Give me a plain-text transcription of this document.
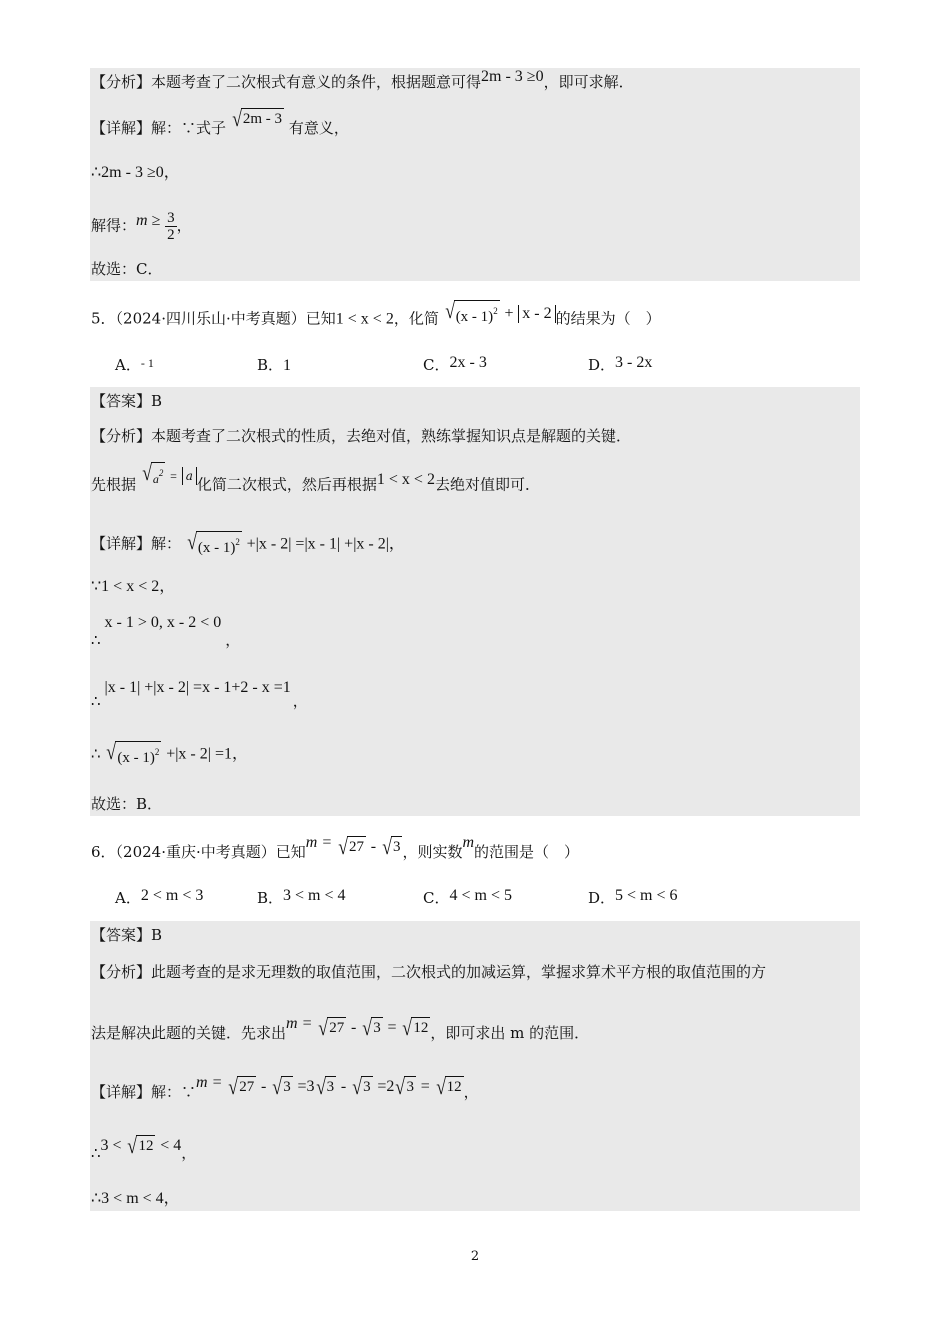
【分析】本题考查了二次根式有意义的条件，根据题意可得2m - 3 ≥0，即可求解．
【详解】解：∵式子 √ 2m - 3 有意义，
∴2m - 3 ≥0，
解得：$m \ge \frac{3}{2}$ ，
故选：C．
5．（2024·四川乐山·中考真题）已知1 < x < 2，化简 √ (x - 1)$^2$ + x - 2 的结果为（　）
A．$^{- 1}$	B．1	C．2x - 3	D．3 - 2x
【答案】B
【分析】本题考查了二次根式的性质，去绝对值，熟练掌握知识点是解题的关键．
先根据 √ $a^2$ = a 化简二次根式，然后再根据1 < x < 2去绝对值即可．
【详解】解： √ (x - 1)$^2$ +|x - 2| =|x - 1| +|x - 2|，
∵1 < x < 2，
∴x - 1 > 0, x - 2 < 0，
∴|x - 1| +|x - 2| =x - 1+2 - x =1，
∴ √ (x - 1)$^2$ +|x - 2| =1，
故选：B．
6．（2024·重庆·中考真题）已知m = √ 27 - √ 3 ，则实数m的范围是（　）
A．2 < m < 3	B．3 < m < 4	C．4 < m < 5	D．5 < m < 6
【答案】B
【分析】此题考查的是求无理数的取值范围，二次根式的加减运算，掌握求算术平方根的取值范围的方
法是解决此题的关键．先求出m = √ 27 - √ 3 = √ 12 ，即可求出 m 的范围．
【详解】解：∵m = √ 27 - √ 3 =3 √ 3 - √ 3 =2 √ 3 = √ 12 ，
∴3 < √ 12 < 4，
∴3 < m < 4，
2
